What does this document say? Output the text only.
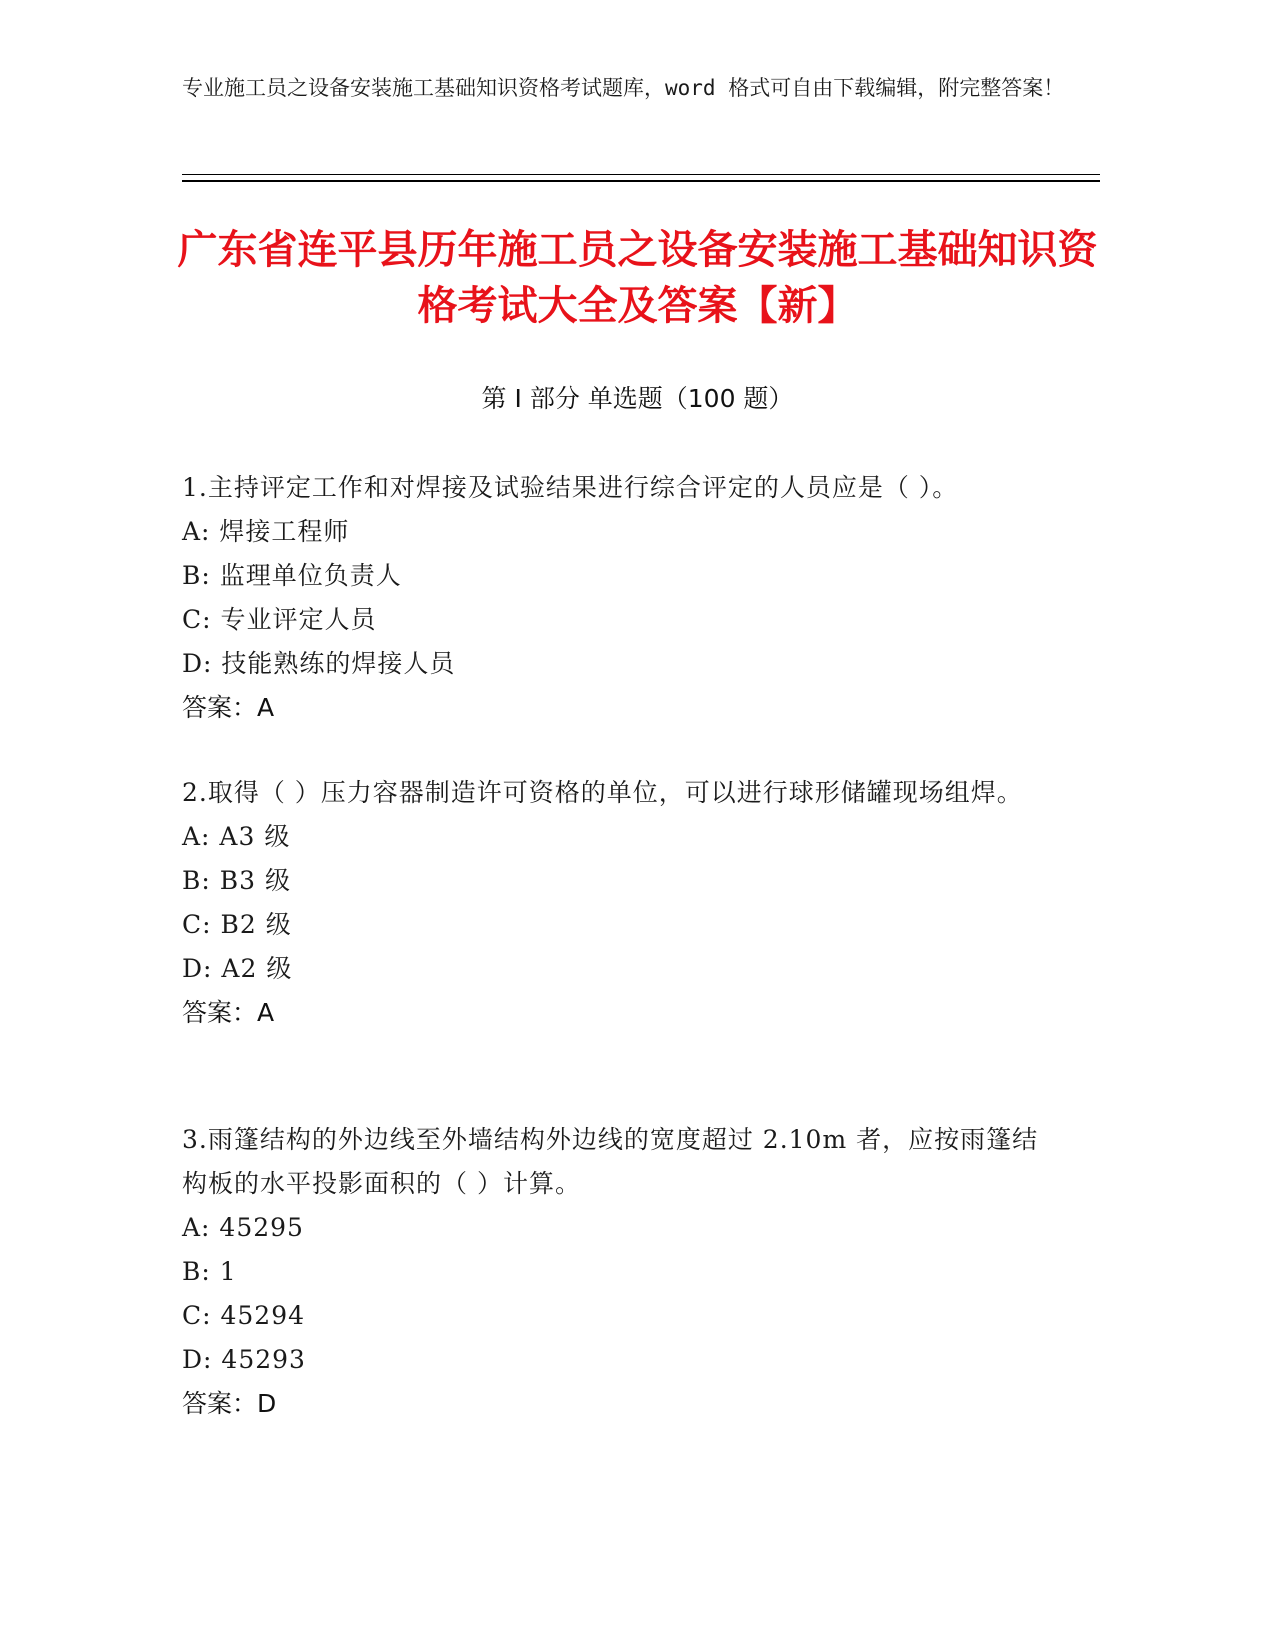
专业施工员之设备安装施工基础知识资格考试题库，word 格式可自由下载编辑，附完整答案！
广东省连平县历年施工员之设备安装施工基础知识资格考试大全及答案【新】
第 I 部分 单选题（100 题）
1.主持评定工作和对焊接及试验结果进行综合评定的人员应是（ ）。
A: 焊接工程师
B: 监理单位负责人
C: 专业评定人员
D: 技能熟练的焊接人员
答案：A
2.取得（ ）压力容器制造许可资格的单位，可以进行球形储罐现场组焊。
A: A3 级
B: B3 级
C: B2 级
D: A2 级
答案：A
3.雨篷结构的外边线至外墙结构外边线的宽度超过 2.10m 者，应按雨篷结构板的水平投影面积的（ ）计算。
A: 45295
B: 1
C: 45294
D: 45293
答案：D
